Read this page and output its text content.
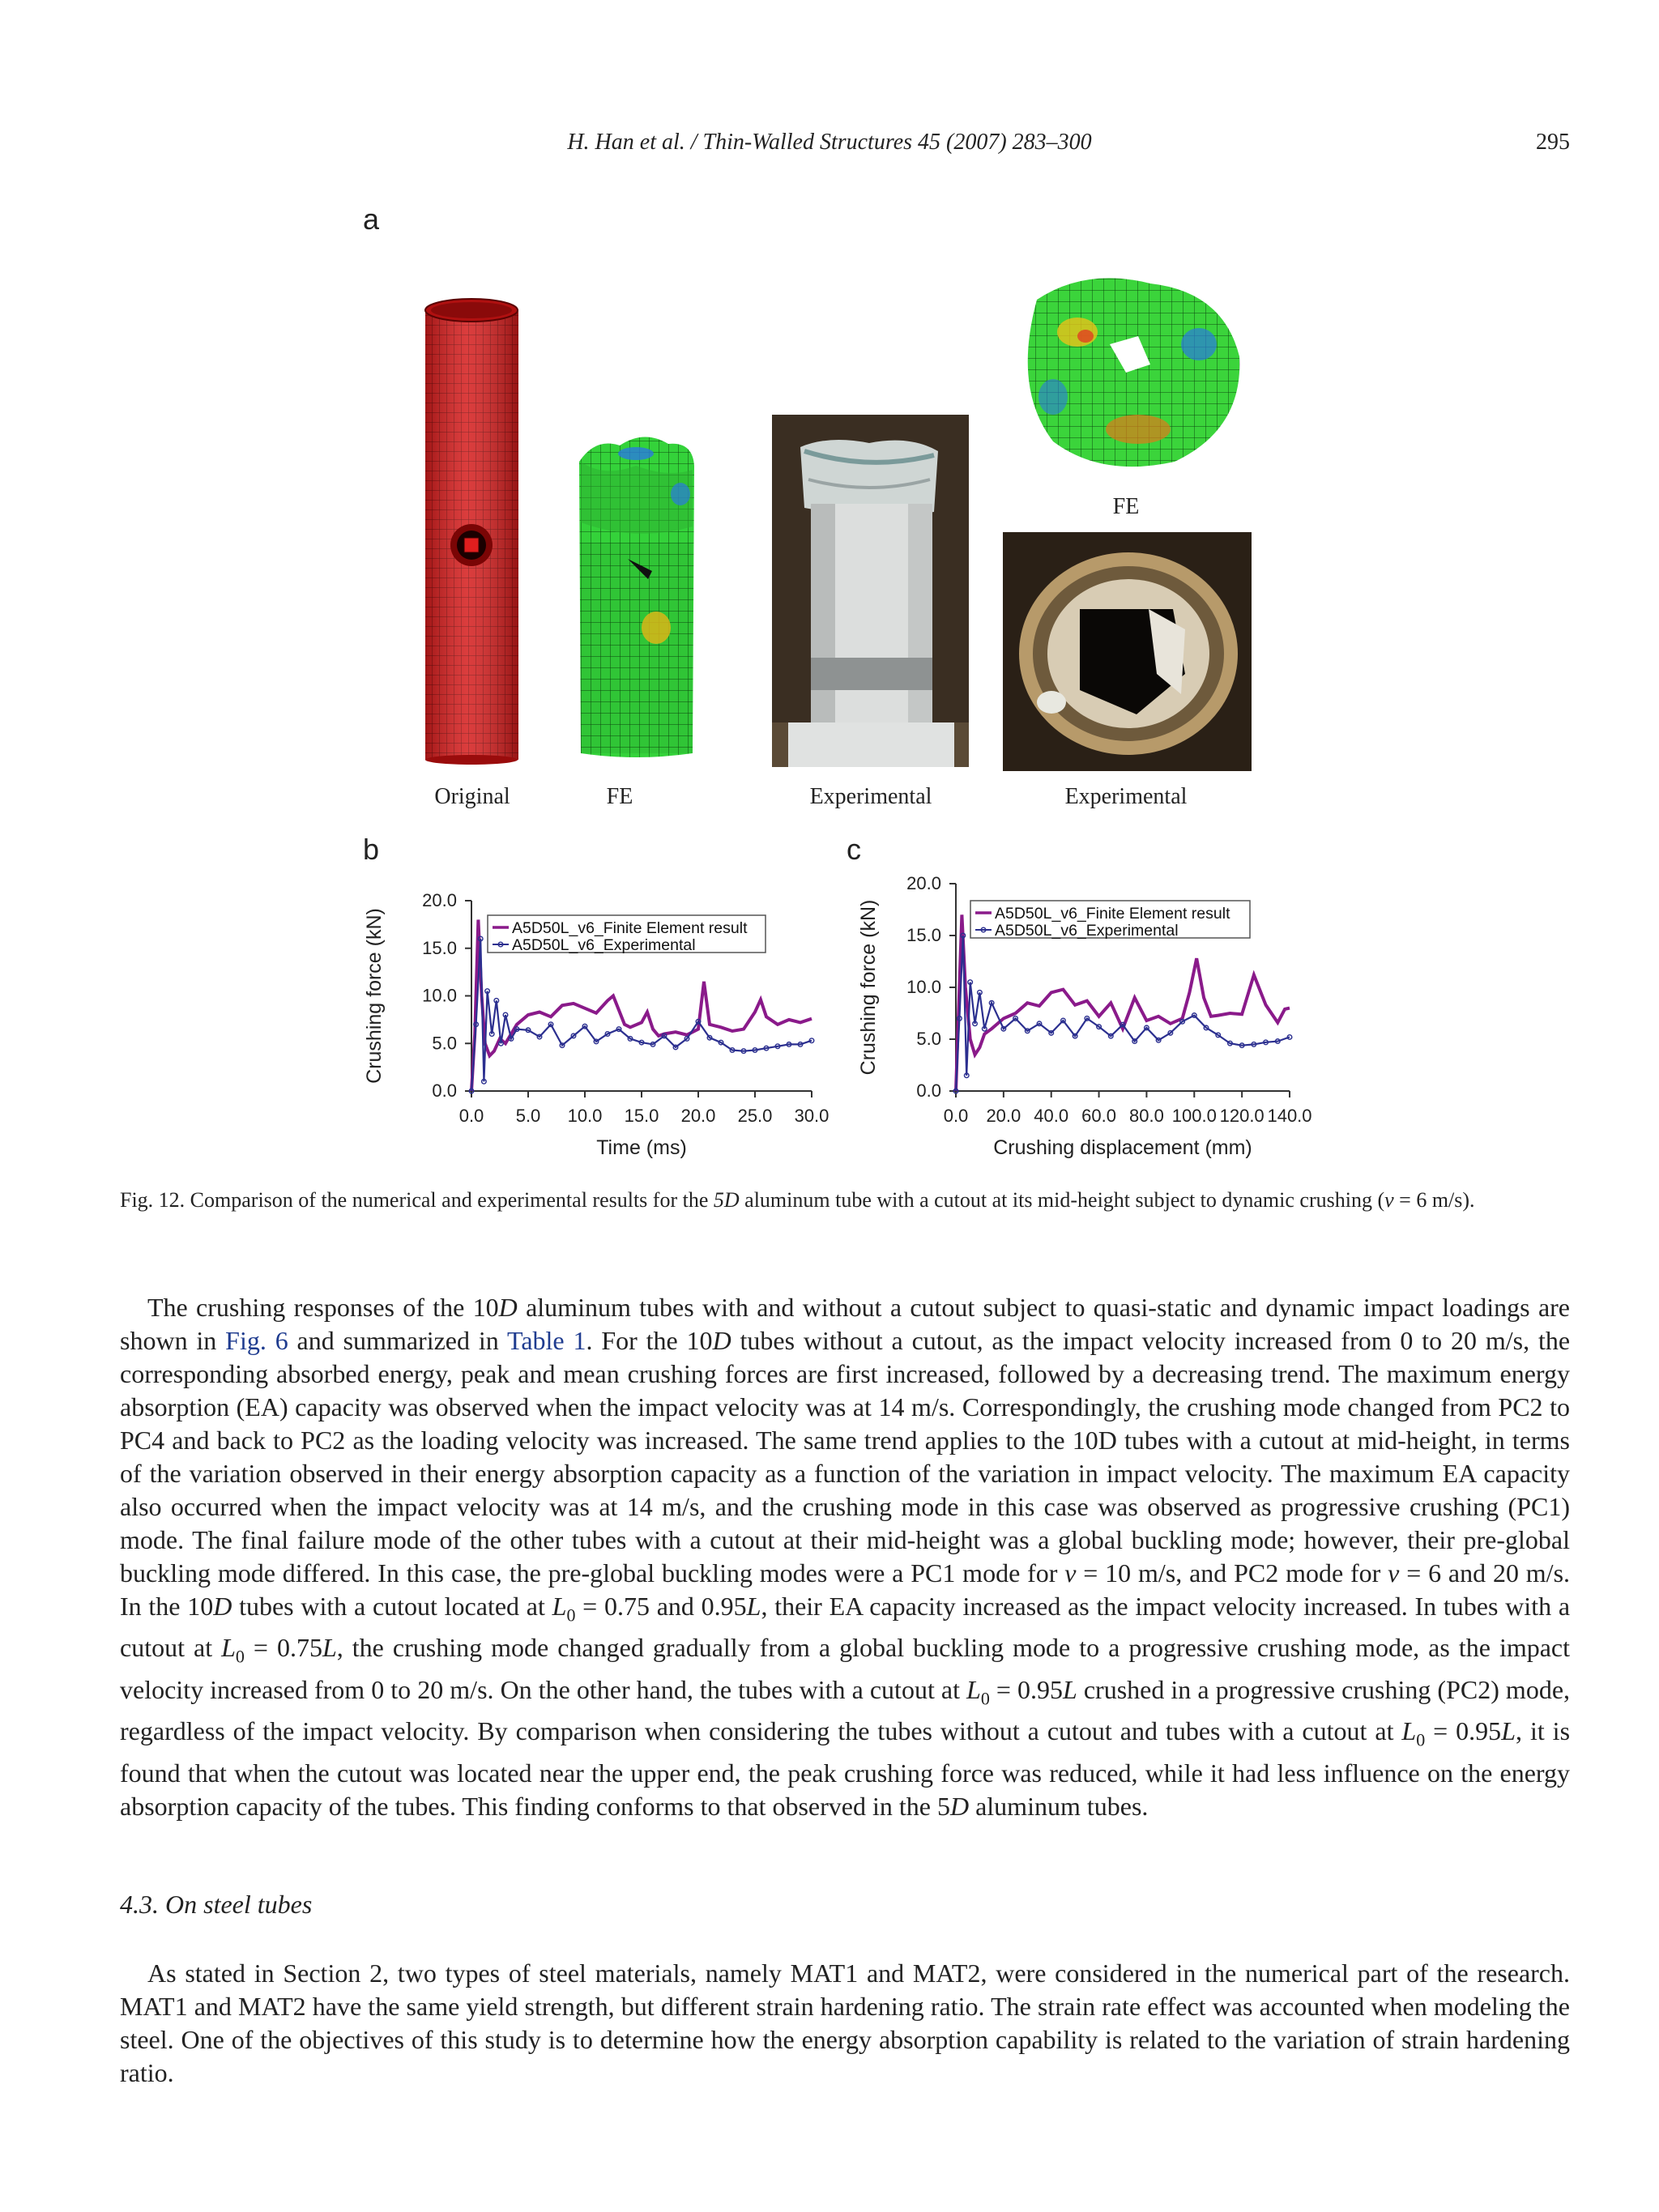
H. Han et al. / Thin-Walled Structures 45 (2007) 283–300	295
a
Original	FE	Experimental
FE
Experimental
b	c
0.0
5.0
10.0
15.0
20.0
0.0 5.0 10.0 15.0 20.0 25.0 30.0
Time (ms)
Crushing force (kN)	A5D50L_v6_Finite Element result
A5D50L_v6_Experimental
0.0
5.0
10.0
15.0
20.0
0.0 20.0 40.0 60.0 80.0 100.0 120.0 140.0
Crushing displacement (mm)
Crushing force (kN)	A5D50L_v6_Finite Element result
A5D50L_v6_Experimental
Fig. 12. Comparison of the numerical and experimental results for the 5D aluminum tube with a cutout at its mid-height subject to dynamic crushing (v = 6 m/s).

The crushing responses of the 10D aluminum tubes with and without a cutout subject to quasi-static and dynamic impact loadings are shown in Fig. 6 and summarized in Table 1. For the 10D tubes without a cutout, as the impact velocity increased from 0 to 20 m/s, the corresponding absorbed energy, peak and mean crushing forces are first increased, followed by a decreasing trend. The maximum energy absorption (EA) capacity was observed when the impact velocity was at 14 m/s. Correspondingly, the crushing mode changed from PC2 to PC4 and back to PC2 as the loading velocity was increased. The same trend applies to the 10D tubes with a cutout at mid-height, in terms of the variation observed in their energy absorption capacity as a function of the variation in impact velocity. The maximum EA capacity also occurred when the impact velocity was at 14 m/s, and the crushing mode in this case was observed as progressive crushing (PC1) mode. The final failure mode of the other tubes with a cutout at their mid-height was a global buckling mode; however, their pre-global buckling mode differed. In this case, the pre-global buckling modes were a PC1 mode for v = 10 m/s, and PC2 mode for v = 6 and 20 m/s. In the 10D tubes with a cutout located at $L_0 = 0.75$ and 0.95L, their EA capacity increased as the impact velocity increased. In tubes with a cutout at $L_0 = 0.75L$, the crushing mode changed gradually from a global buckling mode to a progressive crushing mode, as the impact velocity increased from 0 to 20 m/s. On the other hand, the tubes with a cutout at $L_0 = 0.95L$ crushed in a progressive crushing (PC2) mode, regardless of the impact velocity. By comparison when considering the tubes without a cutout and tubes with a cutout at $L_0 = 0.95L$, it is found that when the cutout was located near the upper end, the peak crushing force was reduced, while it had less influence on the energy absorption capacity of the tubes. This finding conforms to that observed in the 5D aluminum tubes.

4.3. On steel tubes

As stated in Section 2, two types of steel materials, namely MAT1 and MAT2, were considered in the numerical part of the research. MAT1 and MAT2 have the same yield strength, but different strain hardening ratio. The strain rate effect was accounted when modeling the steel. One of the objectives of this study is to determine how the energy absorption capability is related to the variation of strain hardening ratio.
